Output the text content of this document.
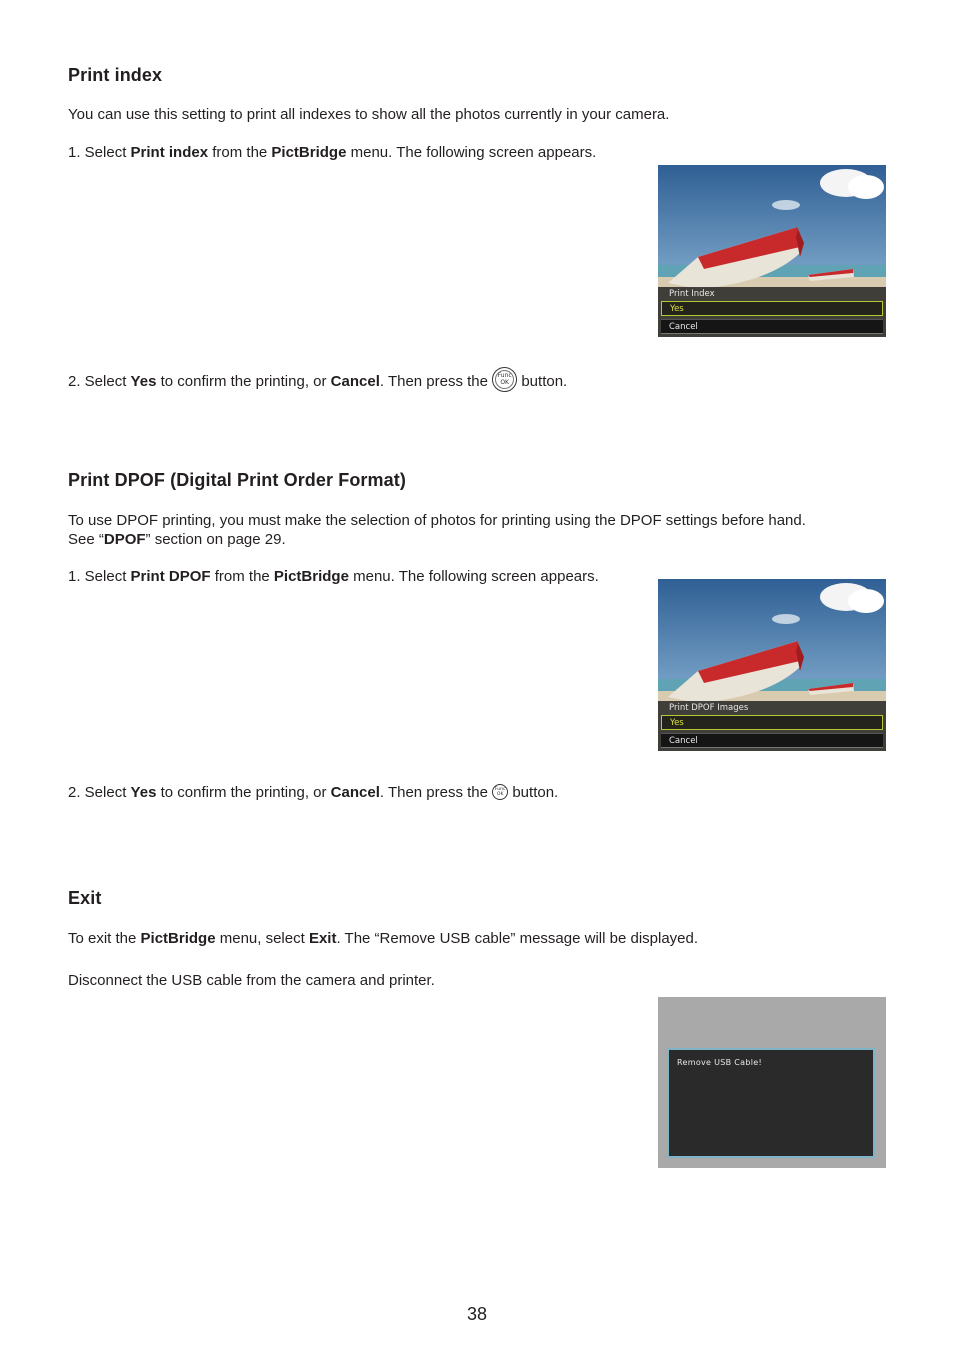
Print index

You can use this setting to print all indexes to show all the photos currently in your camera.

1. Select Print index from the PictBridge menu. The following screen appears.

Print Index
Yes
Cancel

2. Select Yes to confirm the printing, or Cancel. Then press the Func
OK button.

Print DPOF (Digital Print Order Format)

To use DPOF printing, you must make the selection of photos for printing using the DPOF settings before hand.

See “DPOF” section on page 29.

1. Select Print DPOF from the PictBridge menu. The following screen appears.

Print DPOF Images
Yes
Cancel

2. Select Yes to confirm the printing, or Cancel. Then press the Func
OK button.

Exit

To exit the PictBridge menu, select Exit. The “Remove USB cable” message will be displayed.

Disconnect the USB cable from the camera and printer.

Remove USB Cable!
38
